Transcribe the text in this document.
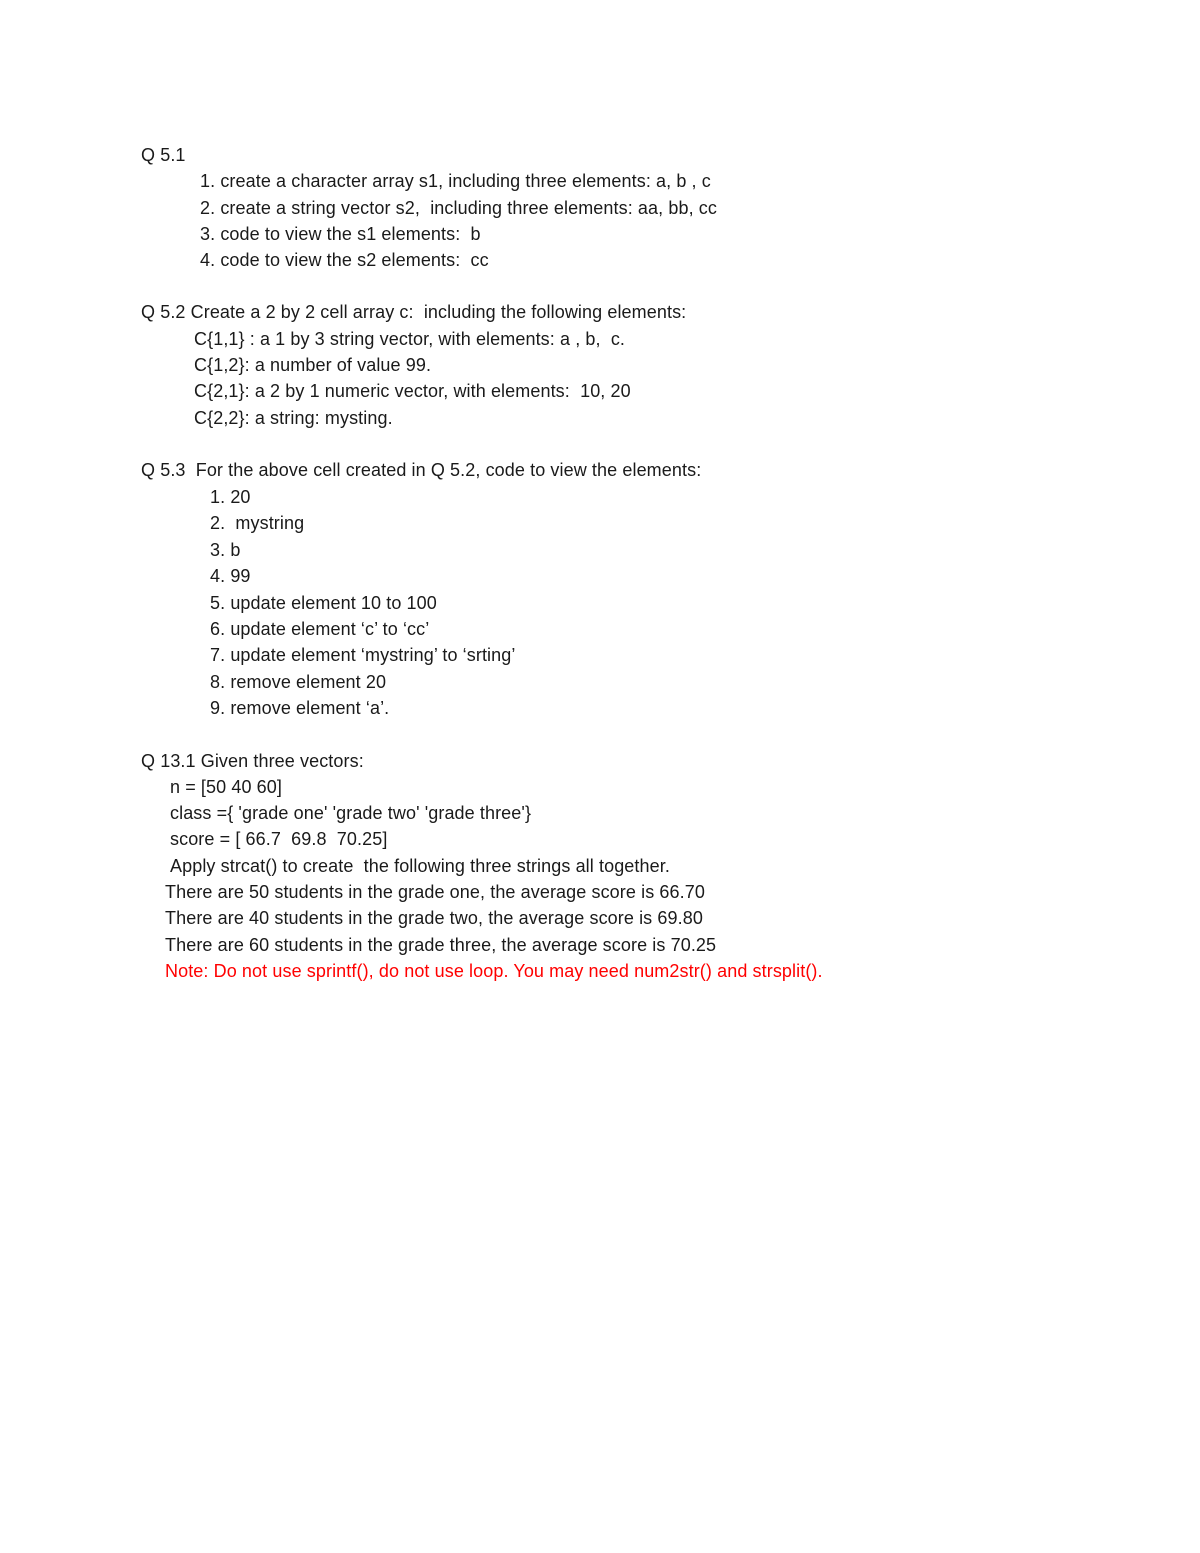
Q 5.1
1. create a character array s1, including three elements: a, b , c
2. create a string vector s2,  including three elements: aa, bb, cc
3. code to view the s1 elements:  b
4. code to view the s2 elements:  cc
Q 5.2 Create a 2 by 2 cell array c:  including the following elements:
C{1,1} : a 1 by 3 string vector, with elements: a , b,  c.
C{1,2}: a number of value 99.
C{2,1}: a 2 by 1 numeric vector, with elements:  10, 20
C{2,2}: a string: mysting.
Q 5.3  For the above cell created in Q 5.2, code to view the elements:
1. 20
2.  mystring
3. b
4. 99
5. update element 10 to 100
6. update element ‘c’ to ‘cc’
7. update element ‘mystring’ to ‘srting’
8. remove element 20
9. remove element ‘a’.
Q 13.1 Given three vectors:
n = [50 40 60]
class ={ 'grade one' 'grade two' 'grade three'}
score = [ 66.7  69.8  70.25]
Apply strcat() to create  the following three strings all together.
There are 50 students in the grade one, the average score is 66.70
There are 40 students in the grade two, the average score is 69.80
There are 60 students in the grade three, the average score is 70.25
Note: Do not use sprintf(), do not use loop. You may need num2str() and strsplit().
